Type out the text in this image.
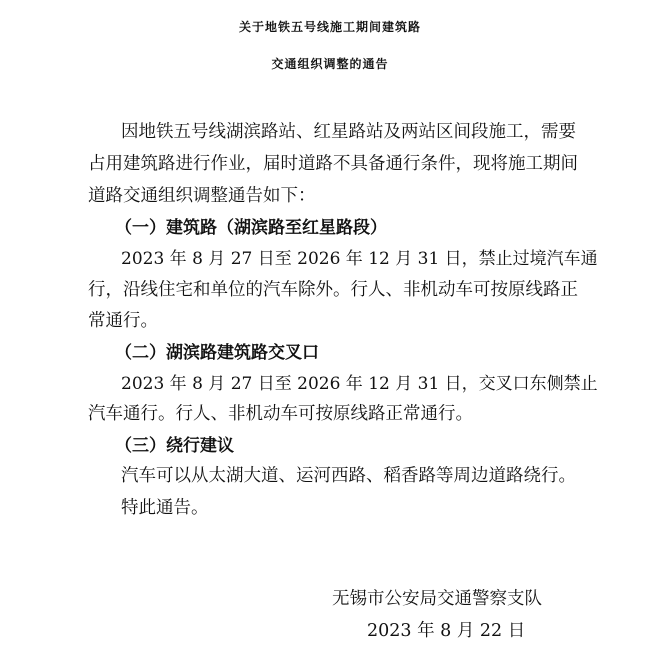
关于地铁五号线施工期间建筑路
交通组织调整的通告
因地铁五号线湖滨路站、红星路站及两站区间段施工，需要
占用建筑路进行作业，届时道路不具备通行条件，现将施工期间
道路交通组织调整通告如下：
（一）建筑路（湖滨路至红星路段）
2023 年 8 月 27 日至 2026 年 12 月 31 日，禁止过境汽车通
行，沿线住宅和单位的汽车除外。行人、非机动车可按原线路正
常通行。
（二）湖滨路建筑路交叉口
2023 年 8 月 27 日至 2026 年 12 月 31 日，交叉口东侧禁止
汽车通行。行人、非机动车可按原线路正常通行。
（三）绕行建议
汽车可以从太湖大道、运河西路、稻香路等周边道路绕行。
特此通告。
无锡市公安局交通警察支队
2023 年 8 月 22 日
